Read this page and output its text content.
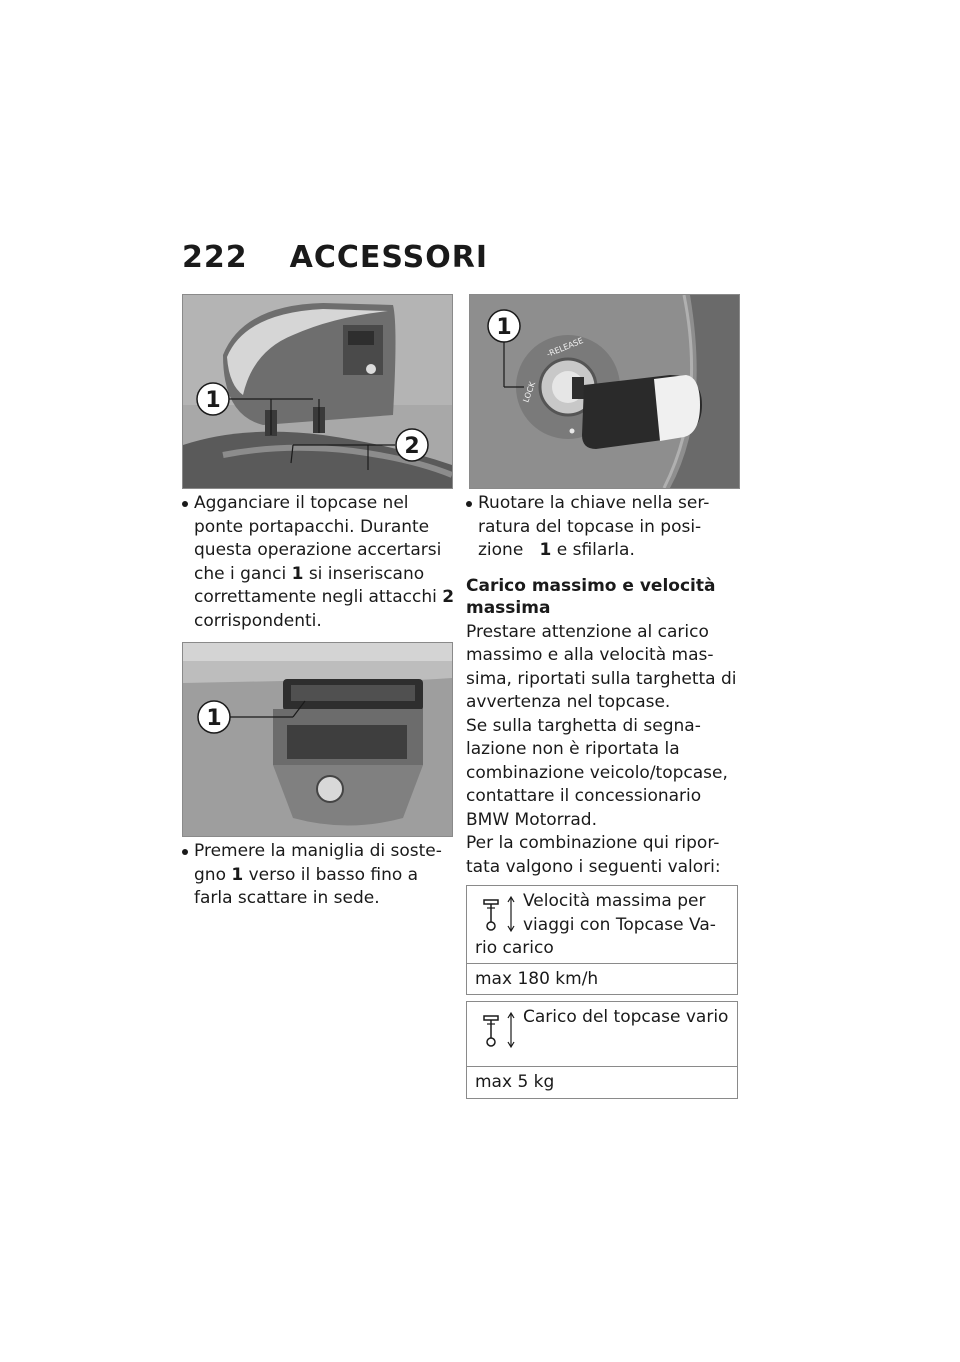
222 ACCESSORI
1
2
1
LOCK
-RELEASE
1
Agganciare il topcase nel
ponte portapacchi. Durante
questa operazione accertarsi
che i ganci 1 si inseriscano
correttamente negli attacchi 2
corrispondenti.
Premere la maniglia di soste-
gno 1 verso il basso fino a
farla scattare in sede.
Ruotare la chiave nella ser-
ratura del topcase in posi-
zione   1 e sfilarla.
Carico massimo e velocità
massima
Prestare attenzione al carico
massimo e alla velocità mas-
sima, riportati sulla targhetta di
avvertenza nel topcase.
Se sulla targhetta di segna-
lazione non è riportata la
combinazione veicolo/topcase,
contattare il concessionario
BMW Motorrad.
Per la combinazione qui ripor-
tata valgono i seguenti valori:
Velocità massima per
viaggi con Topcase Va-
rio carico
max 180 km/h
Carico del topcase vario
max 5 kg
